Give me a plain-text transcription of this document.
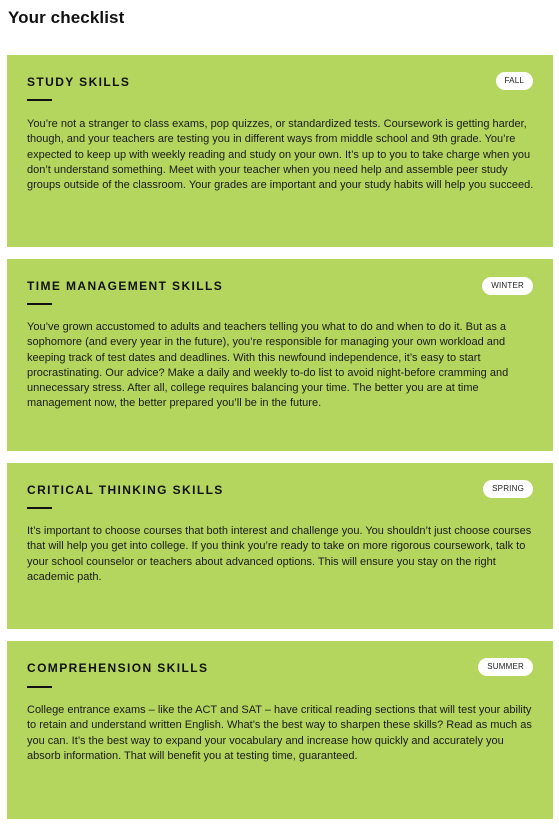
Your checklist
STUDY SKILLS	FALL

You’re not a stranger to class exams, pop quizzes, or standardized tests. Coursework is getting harder, though, and your teachers are testing you in different ways from middle school and 9th grade. You’re expected to keep up with weekly reading and study on your own. It’s up to you to take charge when you don’t understand something. Meet with your teacher when you need help and assemble peer study groups outside of the classroom. Your grades are important and your study habits will help you succeed.

TIME MANAGEMENT SKILLS	WINTER

You’ve grown accustomed to adults and teachers telling you what to do and when to do it. But as a sophomore (and every year in the future), you’re responsible for managing your own workload and keeping track of test dates and deadlines. With this newfound independence, it’s easy to start procrastinating. Our advice? Make a daily and weekly to-do list to avoid night-before cramming and unnecessary stress. After all, college requires balancing your time. The better you are at time management now, the better prepared you’ll be in the future.

CRITICAL THINKING SKILLS	SPRING

It’s important to choose courses that both interest and challenge you. You shouldn’t just choose courses that will help you get into college. If you think you’re ready to take on more rigorous coursework, talk to your school counselor or teachers about advanced options. This will ensure you stay on the right academic path.

COMPREHENSION SKILLS	SUMMER

College entrance exams – like the ACT and SAT – have critical reading sections that will test your ability to retain and understand written English. What’s the best way to sharpen these skills? Read as much as you can. It’s the best way to expand your vocabulary and increase how quickly and accurately you absorb information. That will benefit you at testing time, guaranteed.
